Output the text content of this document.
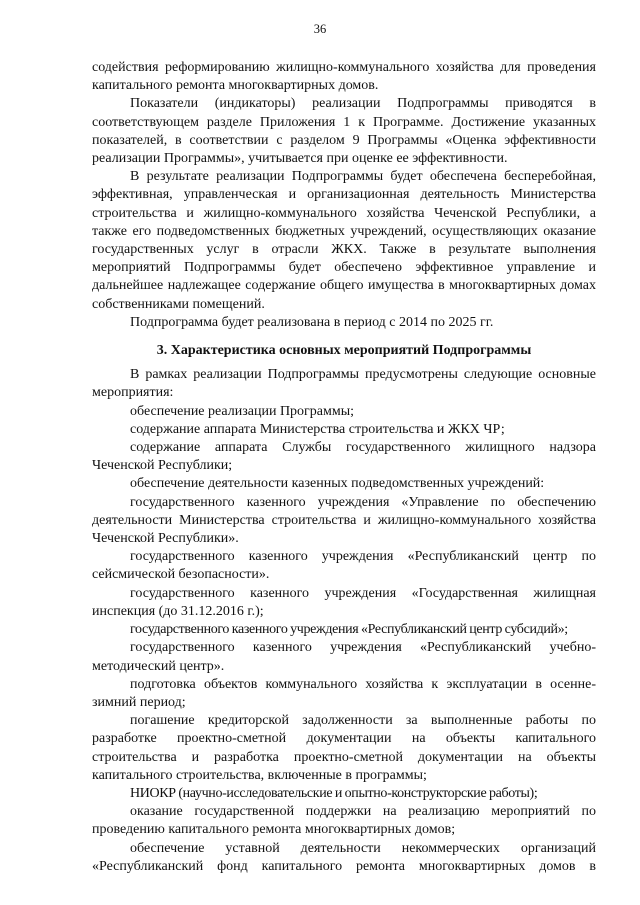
36

содействия реформированию жилищно-коммунального хозяйства для проведения капитального ремонта многоквартирных домов.

Показатели (индикаторы) реализации Подпрограммы приводятся в соответствующем разделе Приложения 1 к Программе. Достижение указанных показателей, в соответствии с разделом 9 Программы «Оценка эффективности реализации Программы», учитывается при оценке ее эффективности.

В результате реализации Подпрограммы будет обеспечена бесперебойная, эффективная, управленческая и организационная деятельность Министерства строительства и жилищно-коммунального хозяйства Чеченской Республики, а также его подведомственных бюджетных учреждений, осуществляющих оказание государственных услуг в отрасли ЖКХ. Также в результате выполнения мероприятий Подпрограммы будет обеспечено эффективное управление и дальнейшее надлежащее содержание общего имущества в многоквартирных домах собственниками помещений.

Подпрограмма будет реализована в период с 2014 по 2025 гг.

3. Характеристика основных мероприятий Подпрограммы

В рамках реализации Подпрограммы предусмотрены следующие основные мероприятия:

обеспечение реализации Программы;

содержание аппарата Министерства строительства и ЖКХ ЧР;

содержание аппарата Службы государственного жилищного надзора Чеченской Республики;

обеспечение деятельности казенных подведомственных учреждений:

государственного казенного учреждения «Управление по обеспечению деятельности Министерства строительства и жилищно-коммунального хозяйства Чеченской Республики».

государственного казенного учреждения «Республиканский центр по сейсмической безопасности».

государственного казенного учреждения «Государственная жилищная инспекция (до 31.12.2016 г.);

государственного казенного учреждения «Республиканский центр субсидий»;

государственного казенного учреждения «Республиканский учебно-методический центр».

подготовка объектов коммунального хозяйства к эксплуатации в осенне-зимний период;

погашение кредиторской задолженности за выполненные работы по разработке проектно-сметной документации на объекты капитального строительства и разработка проектно-сметной документации на объекты капитального строительства, включенные в программы;

НИОКР (научно-исследовательские и опытно-конструкторские работы);

оказание государственной поддержки на реализацию мероприятий по проведению капитального ремонта многоквартирных домов;

обеспечение уставной деятельности некоммерческих организаций «Республиканский фонд капитального ремонта многоквартирных домов в
